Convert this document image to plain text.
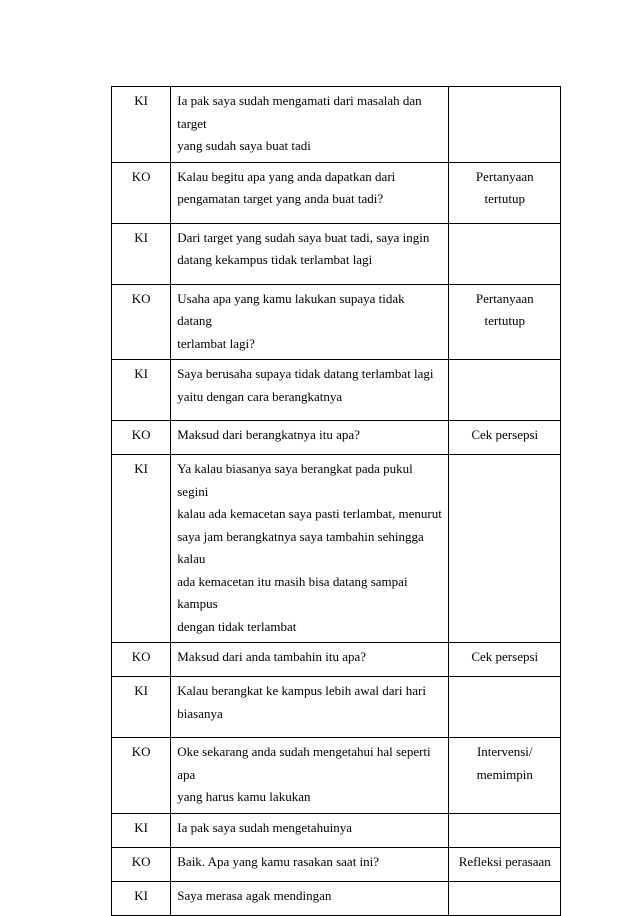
KI	Ia pak saya sudah mengamati dari masalah dan target
yang sudah saya buat tadi	
KO	Kalau begitu apa yang anda dapatkan dari
pengamatan target yang anda buat tadi?	Pertanyaan
tertutup

KI	Dari target yang sudah saya buat tadi, saya ingin
datang kekampus tidak terlambat lagi	
KO	Usaha apa yang kamu lakukan supaya tidak datang
terlambat lagi?	Pertanyaan
tertutup

KI	Saya berusaha supaya tidak datang terlambat lagi
yaitu dengan cara berangkatnya	
KO	Maksud dari berangkatnya itu apa?	Cek persepsi

KI	Ya kalau biasanya saya berangkat pada pukul segini
kalau ada kemacetan saya pasti terlambat, menurut
saya jam berangkatnya saya tambahin sehingga kalau
ada kemacetan itu masih bisa datang sampai kampus
dengan tidak terlambat	
KO	Maksud dari anda tambahin itu apa?	Cek persepsi

KI	Kalau berangkat ke kampus lebih awal dari hari
biasanya	
KO	Oke sekarang anda sudah mengetahui hal seperti apa
yang harus kamu lakukan	Intervensi/
memimpin

KI	Ia pak saya sudah mengetahuinya	
KO	Baik. Apa yang kamu rasakan saat ini?	Refleksi perasaan

KI	Saya merasa agak mendingan	
